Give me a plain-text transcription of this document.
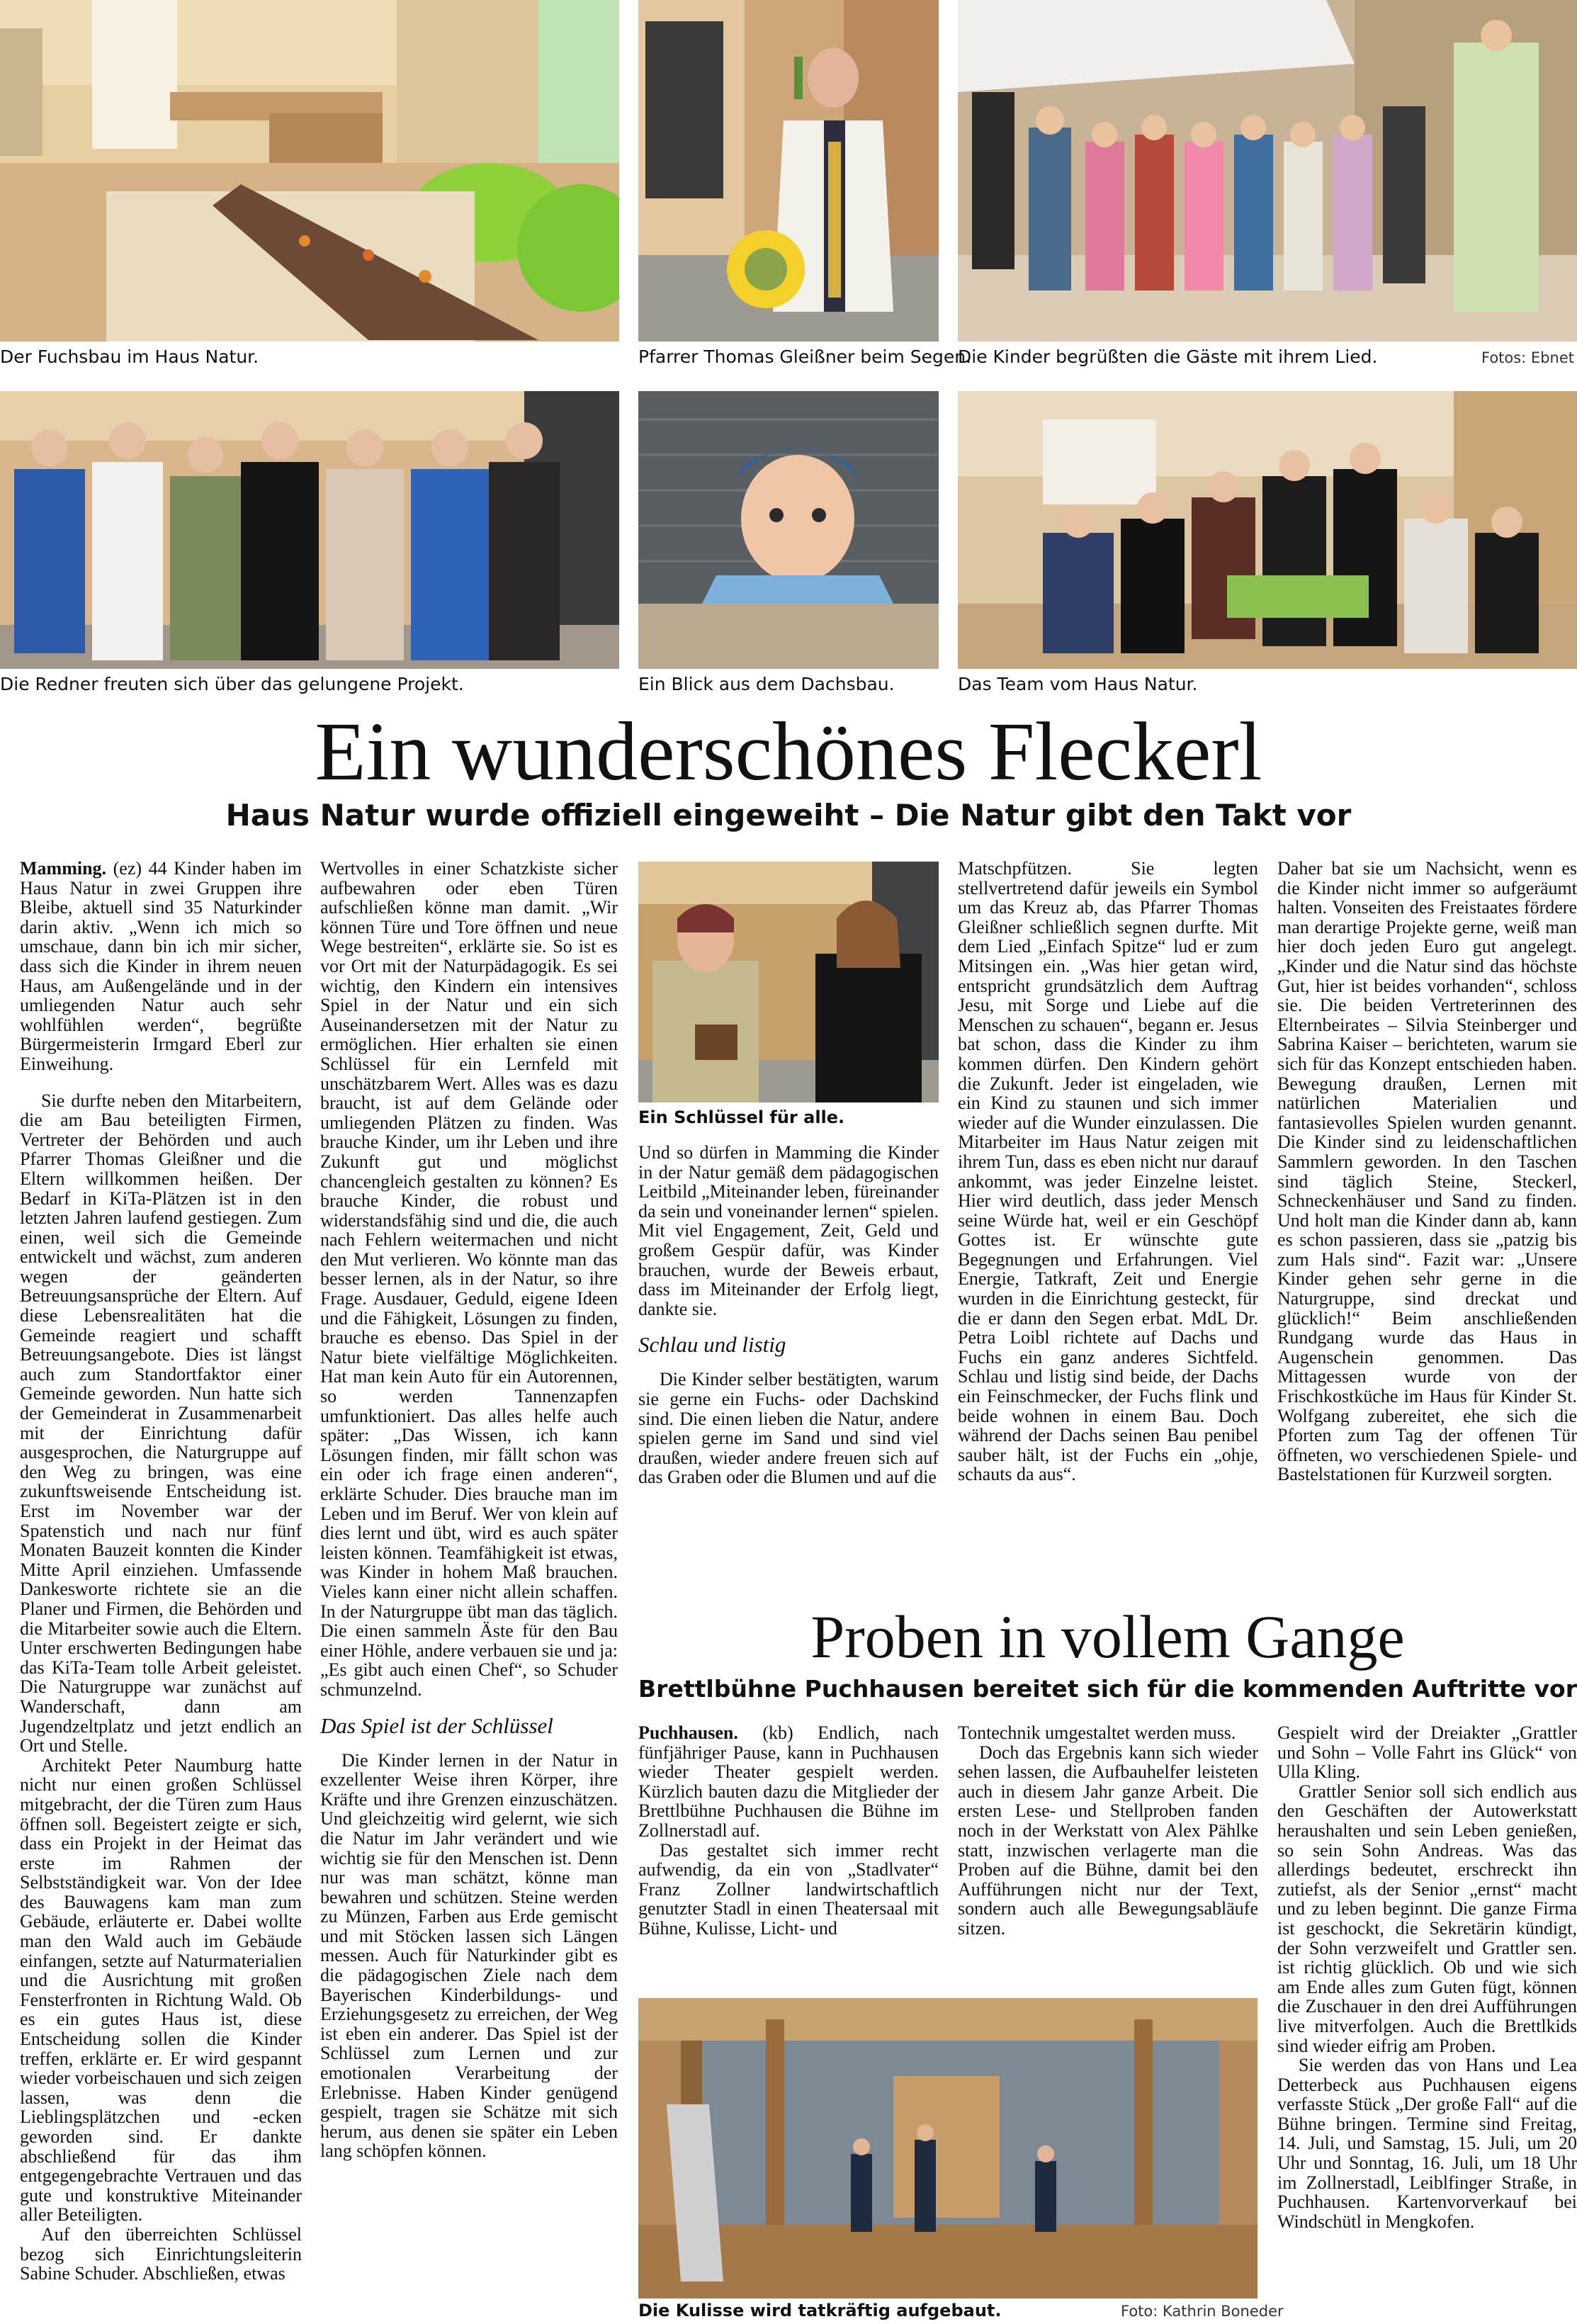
Der Fuchsbau im Haus Natur.	Pfarrer Thomas Gleißner beim Segen.
Die Kinder begrüßten die Gäste mit ihrem Lied.	Fotos: Ebnet
Die Redner freuten sich über das gelungene Projekt.	Ein Blick aus dem Dachsbau.	Das Team vom Haus Natur.
Ein wunderschönes Fleckerl
Haus Natur wurde offiziell eingeweiht – Die Natur gibt den Takt vor

Mamming. (ez) 44 Kinder haben im Haus Natur in zwei Gruppen ihre Bleibe, aktuell sind 35 Naturkinder darin aktiv. „Wenn ich mich so umschaue, dann bin ich mir sicher, dass sich die Kinder in ihrem neuen Haus, am Außengelände und in der umliegenden Natur auch sehr wohlfühlen werden“, begrüßte Bürgermeisterin Irmgard Eberl zur Einweihung.

Sie durfte neben den Mitarbeitern, die am Bau beteiligten Firmen, Vertreter der Behörden und auch Pfarrer Thomas Gleißner und die Eltern willkommen heißen. Der Bedarf in KiTa-Plätzen ist in den letzten Jahren laufend gestiegen. Zum einen, weil sich die Gemeinde entwickelt und wächst, zum anderen wegen der geänderten Betreuungsansprüche der Eltern. Auf diese Lebensrealitäten hat die Gemeinde reagiert und schafft Betreuungsangebote. Dies ist längst auch zum Standortfaktor einer Gemeinde geworden. Nun hatte sich der Gemeinderat in Zusammenarbeit mit der Einrichtung dafür ausgesprochen, die Naturgruppe auf den Weg zu bringen, was eine zukunftsweisende Entscheidung ist. Erst im November war der Spatenstich und nach nur fünf Monaten Bauzeit konnten die Kinder Mitte April einziehen. Umfassende Dankesworte richtete sie an die Planer und Firmen, die Behörden und die Mitarbeiter sowie auch die Eltern. Unter erschwerten Bedingungen habe das KiTa-Team tolle Arbeit geleistet. Die Naturgruppe war zunächst auf Wanderschaft, dann am Jugendzeltplatz und jetzt endlich an Ort und Stelle.

Architekt Peter Naumburg hatte nicht nur einen großen Schlüssel mitgebracht, der die Türen zum Haus öffnen soll. Begeistert zeigte er sich, dass ein Projekt in der Heimat das erste im Rahmen der Selbstständigkeit war. Von der Idee des Bauwagens kam man zum Gebäude, erläuterte er. Dabei wollte man den Wald auch im Gebäude einfangen, setzte auf Naturmaterialien und die Ausrichtung mit großen Fensterfronten in Richtung Wald. Ob es ein gutes Haus ist, diese Entscheidung sollen die Kinder treffen, erklärte er. Er wird gespannt wieder vorbeischauen und sich zeigen lassen, was denn die Lieblingsplätzchen und -ecken geworden sind. Er dankte abschließend für das ihm entgegengebrachte Vertrauen und das gute und konstruktive Miteinander aller Beteiligten.

Auf den überreichten Schlüssel bezog sich Einrichtungsleiterin Sabine Schuder. Abschließen, etwas

Wertvolles in einer Schatzkiste sicher aufbewahren oder eben Türen aufschließen könne man damit. „Wir können Türe und Tore öffnen und neue Wege bestreiten“, erklärte sie. So ist es vor Ort mit der Naturpädagogik. Es sei wichtig, den Kindern ein intensives Spiel in der Natur und ein sich Auseinandersetzen mit der Natur zu ermöglichen. Hier erhalten sie einen Schlüssel für ein Lernfeld mit unschätzbarem Wert. Alles was es dazu braucht, ist auf dem Gelände oder umliegenden Plätzen zu finden. Was brauche Kinder, um ihr Leben und ihre Zukunft gut und möglichst chancengleich gestalten zu können? Es brauche Kinder, die robust und widerstandsfähig sind und die, die auch nach Fehlern weitermachen und nicht den Mut verlieren. Wo könnte man das besser lernen, als in der Natur, so ihre Frage. Ausdauer, Geduld, eigene Ideen und die Fähigkeit, Lösungen zu finden, brauche es ebenso. Das Spiel in der Natur biete vielfältige Möglichkeiten. Hat man kein Auto für ein Autorennen, so werden Tannenzapfen umfunktioniert. Das alles helfe auch später: „Das Wissen, ich kann Lösungen finden, mir fällt schon was ein oder ich frage einen anderen“, erklärte Schuder. Dies brauche man im Leben und im Beruf. Wer von klein auf dies lernt und übt, wird es auch später leisten können. Teamfähigkeit ist etwas, was Kinder in hohem Maß brauchen. Vieles kann einer nicht allein schaffen. In der Naturgruppe übt man das täglich. Die einen sammeln Äste für den Bau einer Höhle, andere verbauen sie und ja: „Es gibt auch einen Chef“, so Schuder schmunzelnd.

Das Spiel ist der Schlüssel

Die Kinder lernen in der Natur in exzellenter Weise ihren Körper, ihre Kräfte und ihre Grenzen einzuschätzen. Und gleichzeitig wird gelernt, wie sich die Natur im Jahr verändert und wie wichtig sie für den Menschen ist. Denn nur was man schätzt, könne man bewahren und schützen. Steine werden zu Münzen, Farben aus Erde gemischt und mit Stöcken lassen sich Längen messen. Auch für Naturkinder gibt es die pädagogischen Ziele nach dem Bayerischen Kinderbildungs- und Erziehungsgesetz zu erreichen, der Weg ist eben ein anderer. Das Spiel ist der Schlüssel zum Lernen und zur emotionalen Verarbeitung der Erlebnisse. Haben Kinder genügend gespielt, tragen sie Schätze mit sich herum, aus denen sie später ein Leben lang schöpfen können.

Ein Schlüssel für alle.

Und so dürfen in Mamming die Kinder in der Natur gemäß dem pädagogischen Leitbild „Miteinander leben, füreinander da sein und voneinander lernen“ spielen. Mit viel Engagement, Zeit, Geld und großem Gespür dafür, was Kinder brauchen, wurde der Beweis erbaut, dass im Miteinander der Erfolg liegt, dankte sie.

Schlau und listig

Die Kinder selber bestätigten, warum sie gerne ein Fuchs- oder Dachskind sind. Die einen lieben die Natur, andere spielen gerne im Sand und sind viel draußen, wieder andere freuen sich auf das Graben oder die Blumen und auf die

Matschpfützen. Sie legten stellvertretend dafür jeweils ein Symbol um das Kreuz ab, das Pfarrer Thomas Gleißner schließlich segnen durfte. Mit dem Lied „Einfach Spitze“ lud er zum Mitsingen ein. „Was hier getan wird, entspricht grundsätzlich dem Auftrag Jesu, mit Sorge und Liebe auf die Menschen zu schauen“, begann er. Jesus bat schon, dass die Kinder zu ihm kommen dürfen. Den Kindern gehört die Zukunft. Jeder ist eingeladen, wie ein Kind zu staunen und sich immer wieder auf die Wunder einzulassen. Die Mitarbeiter im Haus Natur zeigen mit ihrem Tun, dass es eben nicht nur darauf ankommt, was jeder Einzelne leistet. Hier wird deutlich, dass jeder Mensch seine Würde hat, weil er ein Geschöpf Gottes ist. Er wünschte gute Begegnungen und Erfahrungen. Viel Energie, Tatkraft, Zeit und Energie wurden in die Einrichtung gesteckt, für die er dann den Segen erbat. MdL Dr. Petra Loibl richtete auf Dachs und Fuchs ein ganz anderes Sichtfeld. Schlau und listig sind beide, der Dachs ein Feinschmecker, der Fuchs flink und beide wohnen in einem Bau. Doch während der Dachs seinen Bau penibel sauber hält, ist der Fuchs ein „ohje, schauts da aus“.

Daher bat sie um Nachsicht, wenn es die Kinder nicht immer so aufgeräumt halten. Vonseiten des Freistaates fördere man derartige Projekte gerne, weiß man hier doch jeden Euro gut angelegt. „Kinder und die Natur sind das höchste Gut, hier ist beides vorhanden“, schloss sie. Die beiden Vertreterinnen des Elternbeirates – Silvia Steinberger und Sabrina Kaiser – berichteten, warum sie sich für das Konzept entschieden haben. Bewegung draußen, Lernen mit natürlichen Materialien und fantasievolles Spielen wurden genannt. Die Kinder sind zu leidenschaftlichen Sammlern geworden. In den Taschen sind täglich Steine, Steckerl, Schneckenhäuser und Sand zu finden. Und holt man die Kinder dann ab, kann es schon passieren, dass sie „patzig bis zum Hals sind“. Fazit war: „Unsere Kinder gehen sehr gerne in die Naturgruppe, sind dreckat und glücklich!“ Beim anschließenden Rundgang wurde das Haus in Augenschein genommen. Das Mittagessen wurde von der Frischkostküche im Haus für Kinder St. Wolfgang zubereitet, ehe sich die Pforten zum Tag der offenen Tür öffneten, wo verschiedenen Spiele- und Bastelstationen für Kurzweil sorgten.

Proben in vollem Gange
Brettlbühne Puchhausen bereitet sich für die kommenden Auftritte vor

Puchhausen. (kb) Endlich, nach fünfjähriger Pause, kann in Puchhausen wieder Theater gespielt werden. Kürzlich bauten dazu die Mitglieder der Brettlbühne Puchhausen die Bühne im Zollnerstadl auf.

Das gestaltet sich immer recht aufwendig, da ein von „Stadlvater“ Franz Zollner landwirtschaftlich genutzter Stadl in einen Theatersaal mit Bühne, Kulisse, Licht- und

Tontechnik umgestaltet werden muss.

Doch das Ergebnis kann sich wieder sehen lassen, die Aufbauhelfer leisteten auch in diesem Jahr ganze Arbeit. Die ersten Lese- und Stellproben fanden noch in der Werkstatt von Alex Pählke statt, inzwischen verlagerte man die Proben auf die Bühne, damit bei den Aufführungen nicht nur der Text, sondern auch alle Bewegungsabläufe sitzen.

Gespielt wird der Dreiakter „Grattler und Sohn – Volle Fahrt ins Glück“ von Ulla Kling.

Grattler Senior soll sich endlich aus den Geschäften der Autowerkstatt heraushalten und sein Leben genießen, so sein Sohn Andreas. Was das allerdings bedeutet, erschreckt ihn zutiefst, als der Senior „ernst“ macht und zu leben beginnt. Die ganze Firma ist geschockt, die Sekretärin kündigt, der Sohn verzweifelt und Grattler sen. ist richtig glücklich. Ob und wie sich am Ende alles zum Guten fügt, können die Zuschauer in den drei Aufführungen live mitverfolgen. Auch die Brettlkids sind wieder eifrig am Proben.

Sie werden das von Hans und Lea Detterbeck aus Puchhausen eigens verfasste Stück „Der große Fall“ auf die Bühne bringen. Termine sind Freitag, 14. Juli, und Samstag, 15. Juli, um 20 Uhr und Sonntag, 16. Juli, um 18 Uhr im Zollnerstadl, Leiblfinger Straße, in Puchhausen. Kartenvorverkauf bei Windschütl in Mengkofen.

Die Kulisse wird tatkräftig aufgebaut.	Foto: Kathrin Boneder
